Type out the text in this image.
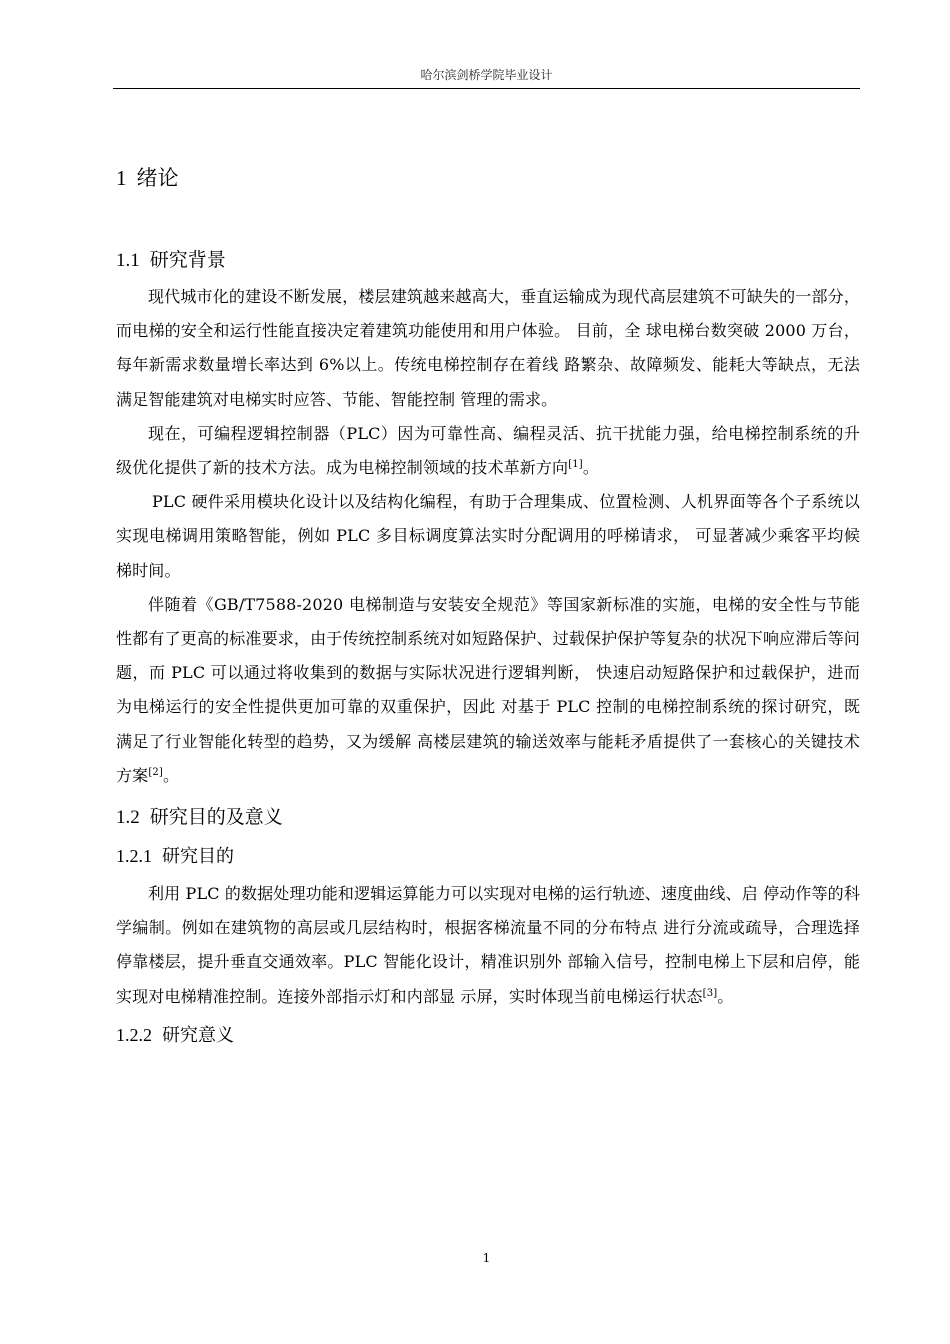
哈尔滨剑桥学院毕业设计
1 绪论
1.1 研究背景

现代城市化的建设不断发展，楼层建筑越来越高大，垂直运输成为现代高层建筑不可缺失的一部分，而电梯的安全和运行性能直接决定着建筑功能使用和用户体验。 目前，全 球电梯台数突破 2000 万台，每年新需求数量增长率达到 6%以上。传统电梯控制存在着线 路繁杂、故障频发、能耗大等缺点，无法满足智能建筑对电梯实时应答、节能、智能控制 管理的需求。

现在，可编程逻辑控制器（PLC）因为可靠性高、编程灵活、抗干扰能力强，给电梯控制系统的升级优化提供了新的技术方法。成为电梯控制领域的技术革新方向[1]。

PLC 硬件采用模块化设计以及结构化编程，有助于合理集成、位置检测、人机界面等各个子系统以实现电梯调用策略智能，例如 PLC 多目标调度算法实时分配调用的呼梯请求， 可显著减少乘客平均候梯时间。

伴随着《GB/T7588-2020 电梯制造与安装安全规范》等国家新标准的实施，电梯的安全性与节能性都有了更高的标准要求，由于传统控制系统对如短路保护、过载保护保护等复杂的状况下响应滞后等问题，而 PLC 可以通过将收集到的数据与实际状况进行逻辑判断， 快速启动短路保护和过载保护，进而为电梯运行的安全性提供更加可靠的双重保护，因此 对基于 PLC 控制的电梯控制系统的探讨研究，既满足了行业智能化转型的趋势，又为缓解 高楼层建筑的输送效率与能耗矛盾提供了一套核心的关键技术方案[2]。

1.2 研究目的及意义
1.2.1 研究目的

利用 PLC 的数据处理功能和逻辑运算能力可以实现对电梯的运行轨迹、速度曲线、启 停动作等的科学编制。例如在建筑物的高层或几层结构时，根据客梯流量不同的分布特点 进行分流或疏导，合理选择停靠楼层，提升垂直交通效率。PLC 智能化设计，精准识别外 部输入信号，控制电梯上下层和启停，能实现对电梯精准控制。连接外部指示灯和内部显 示屏，实时体现当前电梯运行状态[3]。

1.2.2 研究意义
1
